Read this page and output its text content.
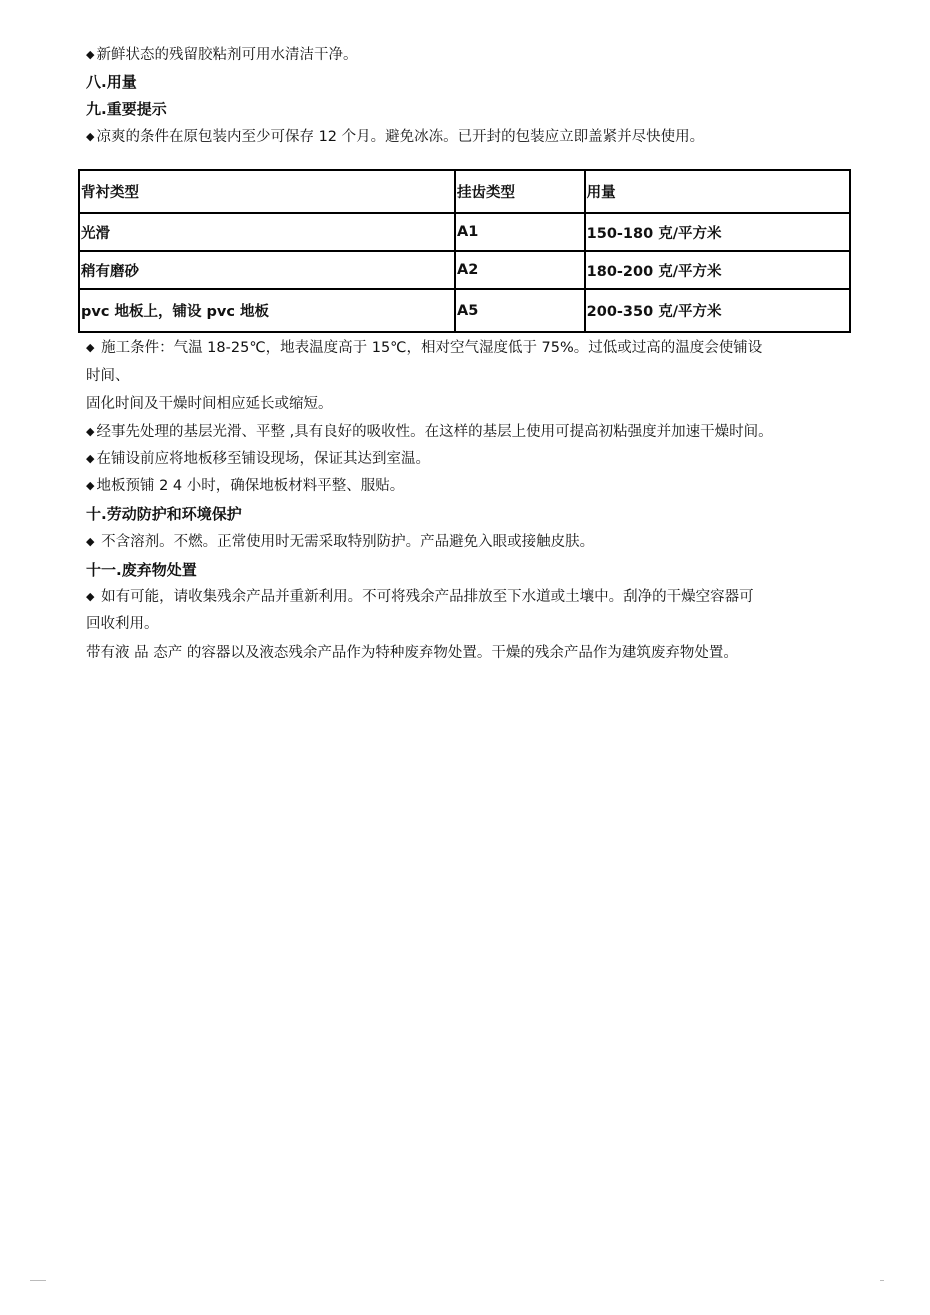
◆ 新鲜状态的残留胶粘剂可用水清洁干净。

八.用量

九.重要提示

◆ 凉爽的条件在原包装内至少可保存 12 个月。避免冰冻。已开封的包装应立即盖紧并尽快使用。

背衬类型	挂齿类型	用量
光滑	A1	150-180 克/平方米
稍有磨砂	A2	180-200 克/平方米
pvc 地板上，铺设 pvc 地板	A5	200-350 克/平方米

◆ 施工条件：气温 18-25℃，地表温度高于 15℃，相对空气湿度低于 75%。过低或过高的温度会使铺设

时间、

固化时间及干燥时间相应延长或缩短。

◆ 经事先处理的基层光滑、平整 ,具有良好的吸收性。在这样的基层上使用可提高初粘强度并加速干燥时间。

◆ 在铺设前应将地板移至铺设现场，保证其达到室温。

◆ 地板预铺 2 4 小时，确保地板材料平整、服贴。

十.劳动防护和环境保护

◆ 不含溶剂。不燃。正常使用时无需采取特别防护。产品避免入眼或接触皮肤。

十一.废弃物处置

◆ 如有可能，请收集残余产品并重新利用。不可将残余产品排放至下水道或土壤中。刮净的干燥空容器可

回收利用。

带有液 品 态产 的容器以及液态残余产品作为特种废弃物处置。干燥的残余产品作为建筑废弃物处置。
